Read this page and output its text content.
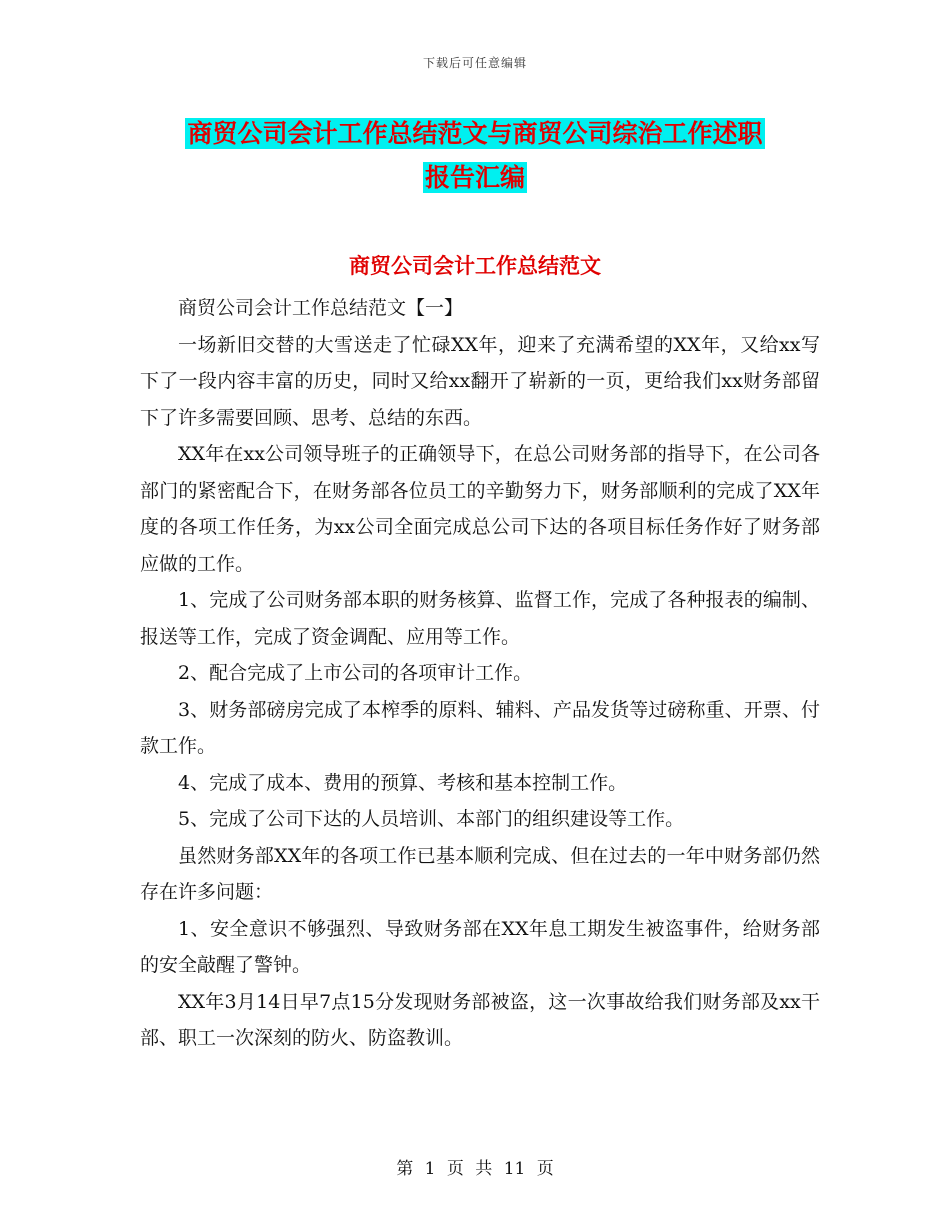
下载后可任意编辑
商贸公司会计工作总结范文与商贸公司综治工作述职
报告汇编
商贸公司会计工作总结范文

商贸公司会计工作总结范文【一】

一场新旧交替的大雪送走了忙碌XX年，迎来了充满希望的XX年，又给xx写下了一段内容丰富的历史，同时又给xx翻开了崭新的一页，更给我们xx财务部留下了许多需要回顾、思考、总结的东西。

XX年在xx公司领导班子的正确领导下，在总公司财务部的指导下，在公司各部门的紧密配合下，在财务部各位员工的辛勤努力下，财务部顺利的完成了XX年度的各项工作任务，为xx公司全面完成总公司下达的各项目标任务作好了财务部应做的工作。

1、完成了公司财务部本职的财务核算、监督工作，完成了各种报表的编制、报送等工作，完成了资金调配、应用等工作。

2、配合完成了上市公司的各项审计工作。

3、财务部磅房完成了本榨季的原料、辅料、产品发货等过磅称重、开票、付款工作。

4、完成了成本、费用的预算、考核和基本控制工作。

5、完成了公司下达的人员培训、本部门的组织建设等工作。

虽然财务部XX年的各项工作已基本顺利完成、但在过去的一年中财务部仍然存在许多问题：

1、安全意识不够强烈、导致财务部在XX年息工期发生被盗事件，给财务部的安全敲醒了警钟。

XX年3月14日早7点15分发现财务部被盗，这一次事故给我们财务部及xx干部、职工一次深刻的防火、防盗教训。

第 1 页 共 11 页
